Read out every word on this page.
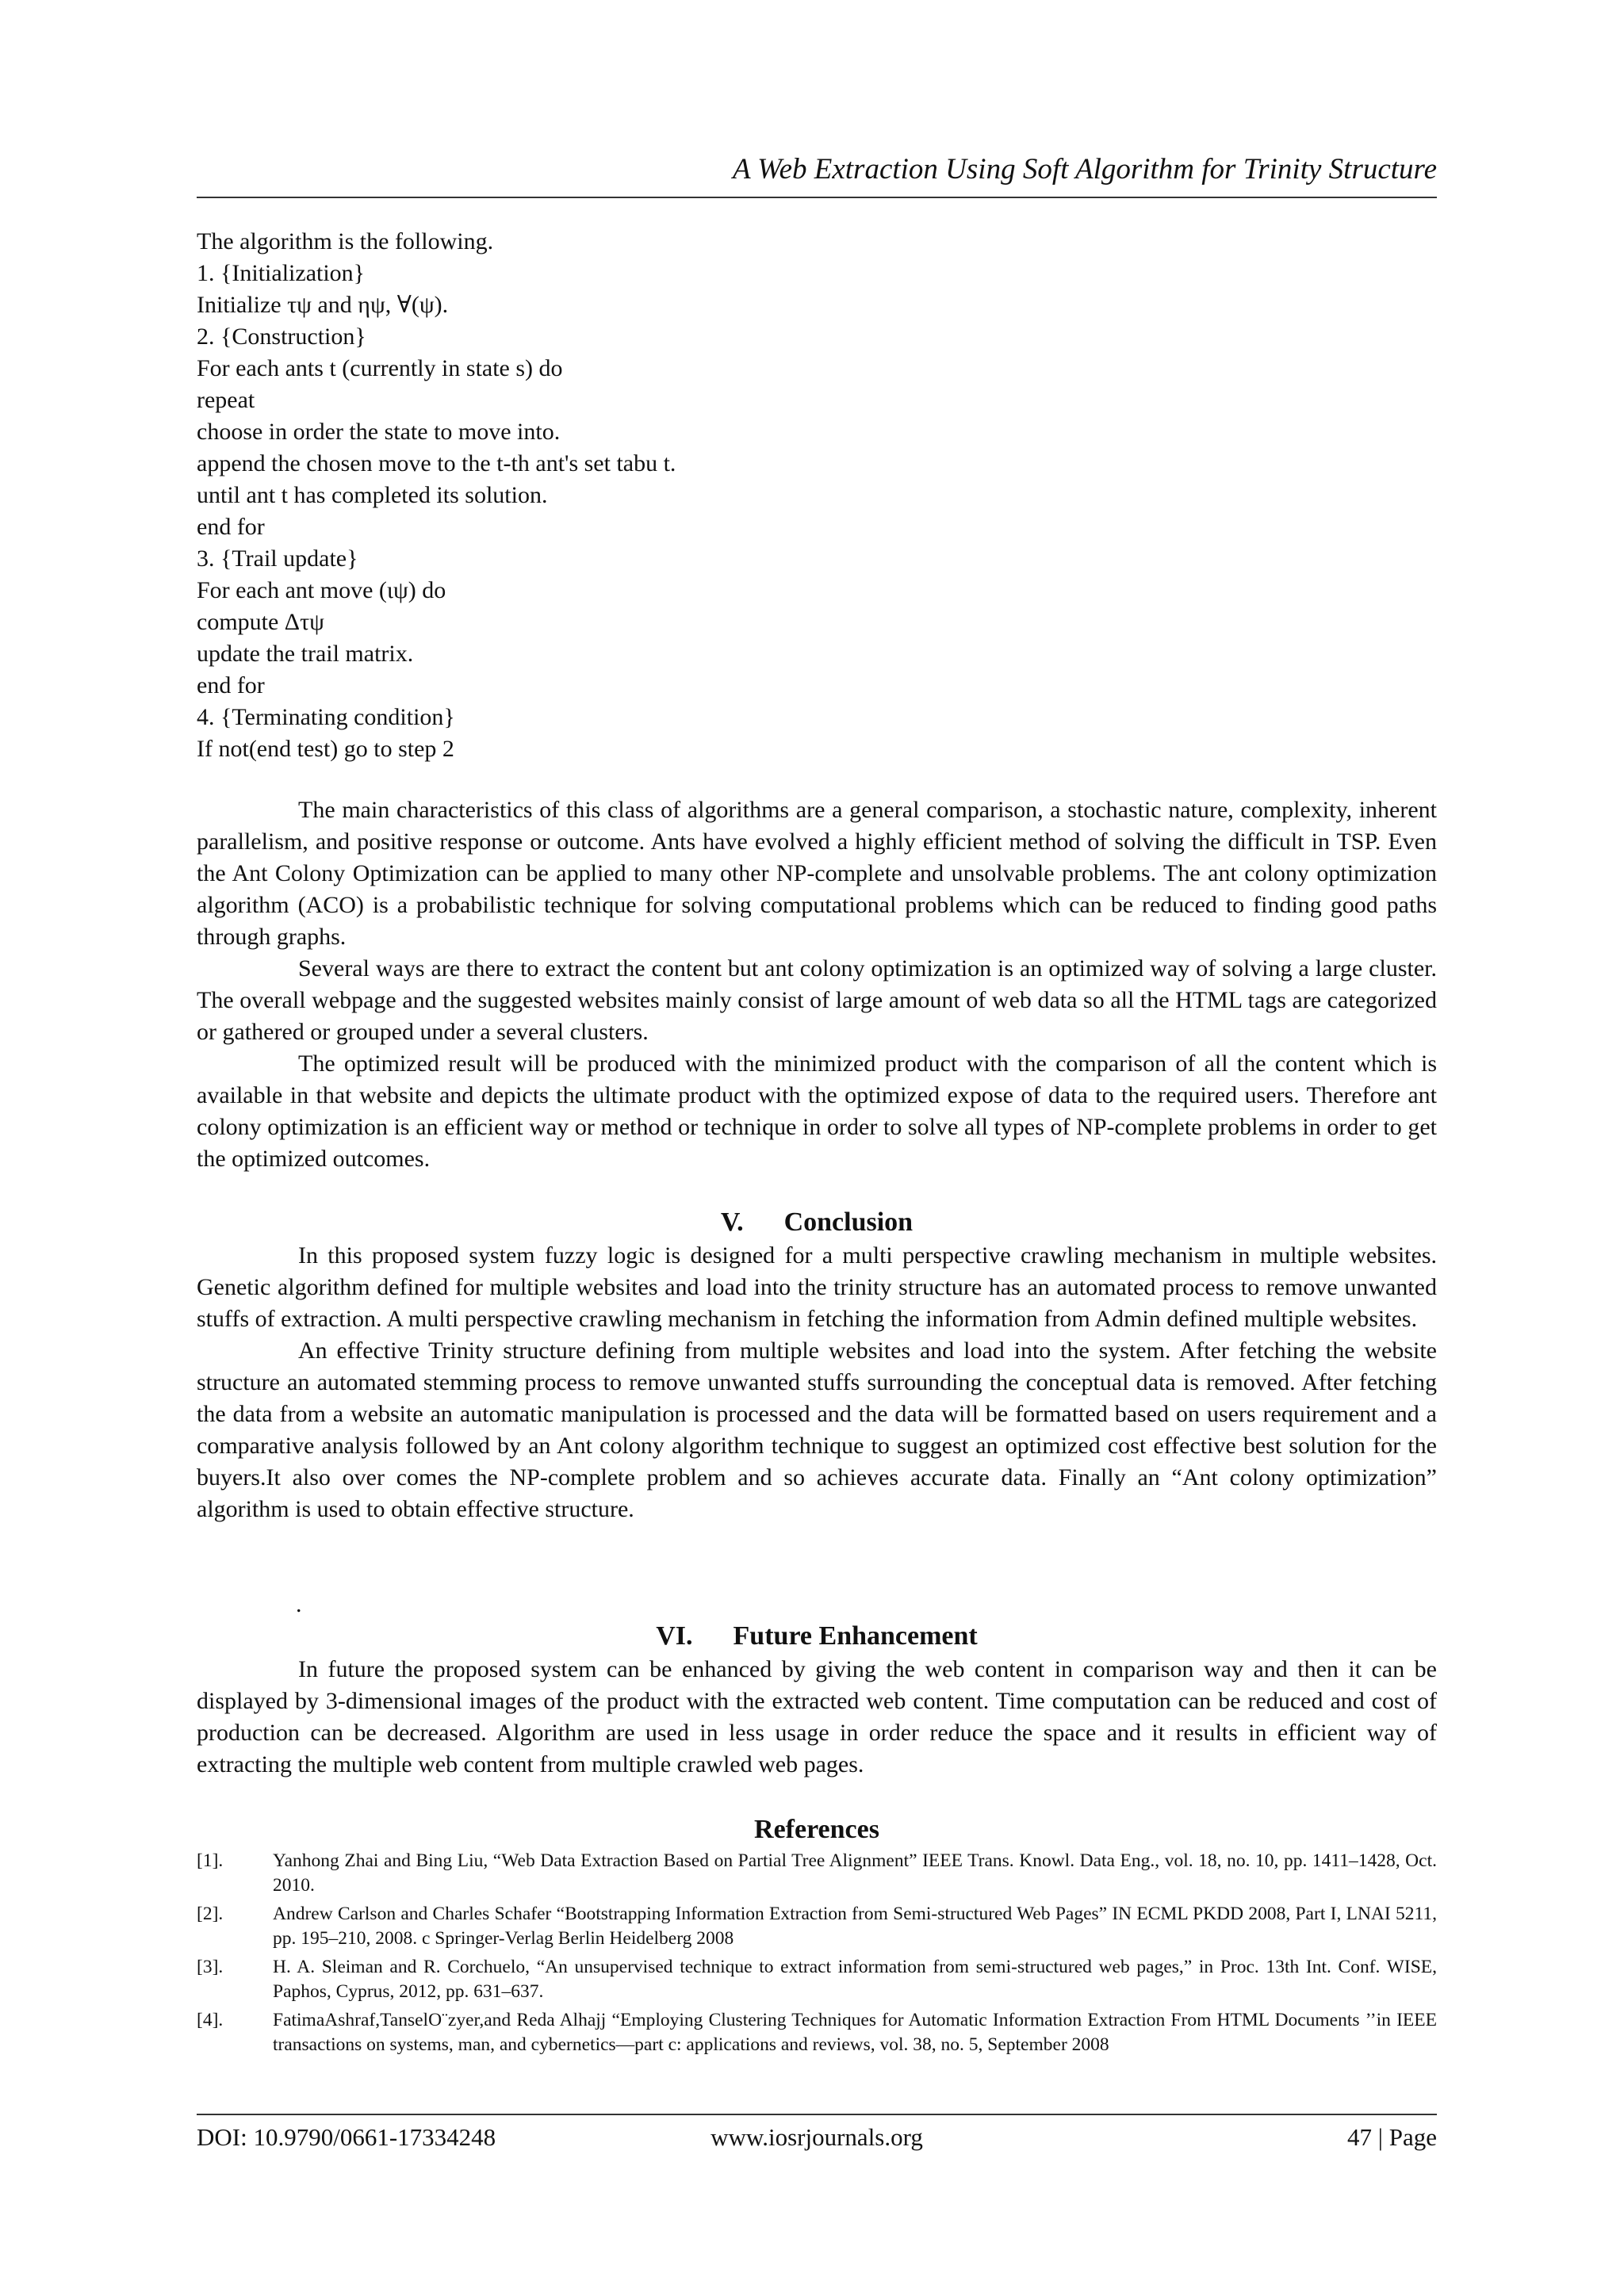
A Web Extraction Using Soft Algorithm for Trinity Structure
The algorithm is the following.
1. {Initialization}
Initialize τψ and ηψ, ∀(ψ).
2. {Construction}
For each ants t (currently in state s) do
repeat
choose in order the state to move into.
append the chosen move to the t-th ant's set tabu t.
until ant t has completed its solution.
end for
3. {Trail update}
For each ant move (ιψ) do
compute Δτψ
update the trail matrix.
end for
4. {Terminating condition}
If not(end test) go to step 2

The main characteristics of this class of algorithms are a general comparison, a stochastic nature, complexity, inherent parallelism, and positive response or outcome. Ants have evolved a highly efficient method of solving the difficult in TSP. Even the Ant Colony Optimization can be applied to many other NP-complete and unsolvable problems. The ant colony optimization algorithm (ACO) is a probabilistic technique for solving computational problems which can be reduced to finding good paths through graphs.

Several ways are there to extract the content but ant colony optimization is an optimized way of solving a large cluster. The overall webpage and the suggested websites mainly consist of large amount of web data so all the HTML tags are categorized or gathered or grouped under a several clusters.

The optimized result will be produced with the minimized product with the comparison of all the content which is available in that website and depicts the ultimate product with the optimized expose of data to the required users. Therefore ant colony optimization is an efficient way or method or technique in order to solve all types of NP-complete problems in order to get the optimized outcomes.

V.      Conclusion

In this proposed system fuzzy logic is designed for a multi perspective crawling mechanism in multiple websites. Genetic algorithm defined for multiple websites and load into the trinity structure has an automated process to remove unwanted stuffs of extraction. A multi perspective crawling mechanism in fetching the information from Admin defined multiple websites.

An effective Trinity structure defining from multiple websites and load into the system. After fetching the website structure an automated stemming process to remove unwanted stuffs surrounding the conceptual data is removed. After fetching the data from a website an automatic manipulation is processed and the data will be formatted based on users requirement and a comparative analysis followed by an Ant colony algorithm technique to suggest an optimized cost effective best solution for the buyers.It also over comes the NP-complete problem and so achieves accurate data. Finally an “Ant colony optimization” algorithm is used to obtain effective structure.

.
VI.      Future Enhancement

In future the proposed system can be enhanced by giving the web content in comparison way and then it can be displayed by 3-dimensional images of the product with the extracted web content. Time computation can be reduced and cost of production can be decreased. Algorithm are used in less usage in order reduce the space and it results in efficient way of extracting the multiple web content from multiple crawled web pages.

References
[1].	Yanhong Zhai and Bing Liu, “Web Data Extraction Based on Partial Tree Alignment” IEEE Trans. Knowl. Data Eng., vol. 18, no. 10, pp. 1411–1428, Oct. 2010.
[2].	Andrew Carlson and Charles Schafer “Bootstrapping Information Extraction from Semi-structured Web Pages” IN ECML PKDD 2008, Part I, LNAI 5211, pp. 195–210, 2008. c Springer-Verlag Berlin Heidelberg 2008
[3].	H. A. Sleiman and R. Corchuelo, “An unsupervised technique to extract information from semi-structured web pages,” in Proc. 13th Int. Conf. WISE, Paphos, Cyprus, 2012, pp. 631–637.
[4].	FatimaAshraf,TanselO¨zyer,and Reda Alhajj “Employing Clustering Techniques for Automatic Information Extraction From HTML Documents ’’in IEEE transactions on systems, man, and cybernetics—part c: applications and reviews, vol. 38, no. 5, September 2008
DOI: 10.9790/0661-17334248	www.iosrjournals.org	47 | Page
